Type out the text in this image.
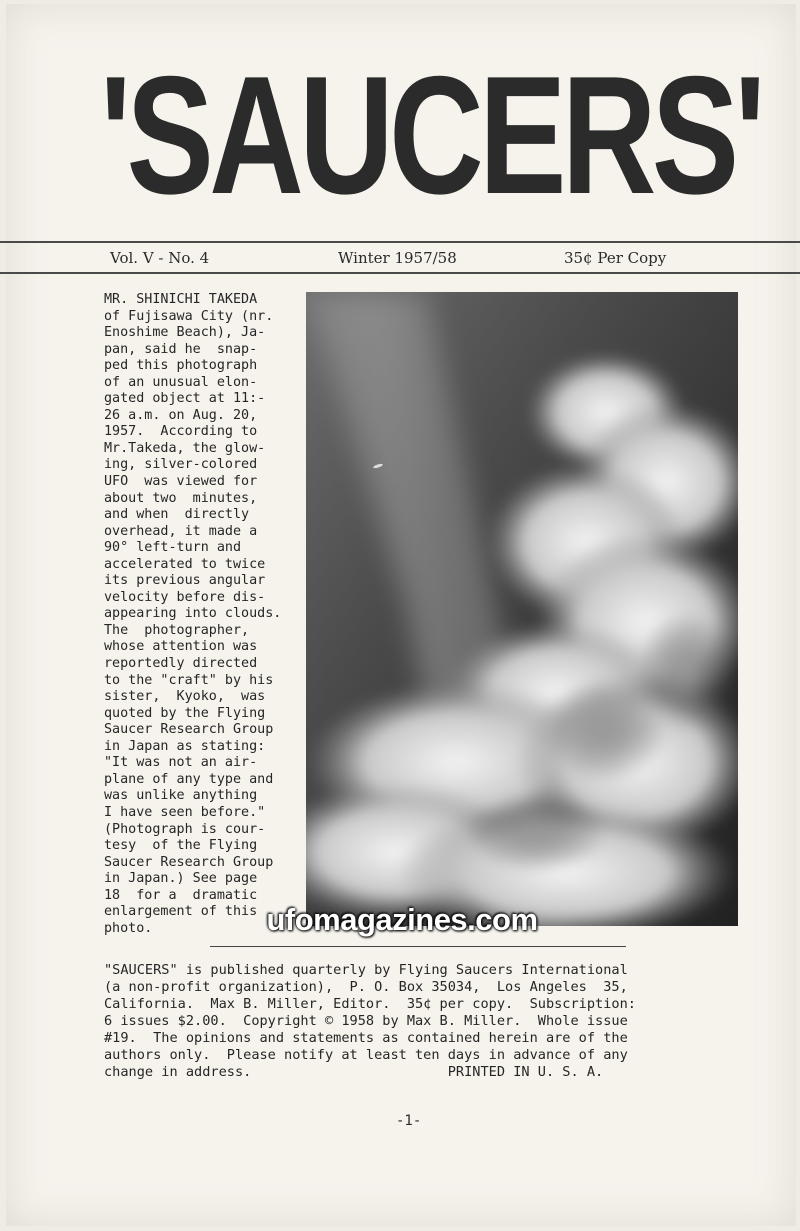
'SAUCERS'
Vol. V - No. 4	Winter 1957/58	35¢ Per Copy
MR. SHINICHI TAKEDA
of Fujisawa City (nr.
Enoshime Beach), Ja-
pan, said he  snap-
ped this photograph
of an unusual elon-
gated object at 11:-
26 a.m. on Aug. 20,
1957.  According to
Mr.Takeda, the glow-
ing, silver-colored
UFO  was viewed for
about two  minutes,
and when  directly
overhead, it made a
90° left-turn and
accelerated to twice
its previous angular
velocity before dis-
appearing into clouds.
The  photographer,
whose attention was
reportedly directed
to the "craft" by his
sister,  Kyoko,  was
quoted by the Flying
Saucer Research Group
in Japan as stating:
"It was not an air-
plane of any type and
was unlike anything
I have seen before."
(Photograph is cour-
tesy  of the Flying
Saucer Research Group
in Japan.) See page
18  for a  dramatic
enlargement of this
photo.	ufomagazines.com
"SAUCERS" is published quarterly by Flying Saucers International
(a non-profit organization),  P. O. Box 35034,  Los Angeles  35,
California.  Max B. Miller, Editor.  35¢ per copy.  Subscription:
6 issues $2.00.  Copyright © 1958 by Max B. Miller.  Whole issue
#19.  The opinions and statements as contained herein are of the
authors only.  Please notify at least ten days in advance of any
change in address.                        PRINTED IN U. S. A.
-1-
